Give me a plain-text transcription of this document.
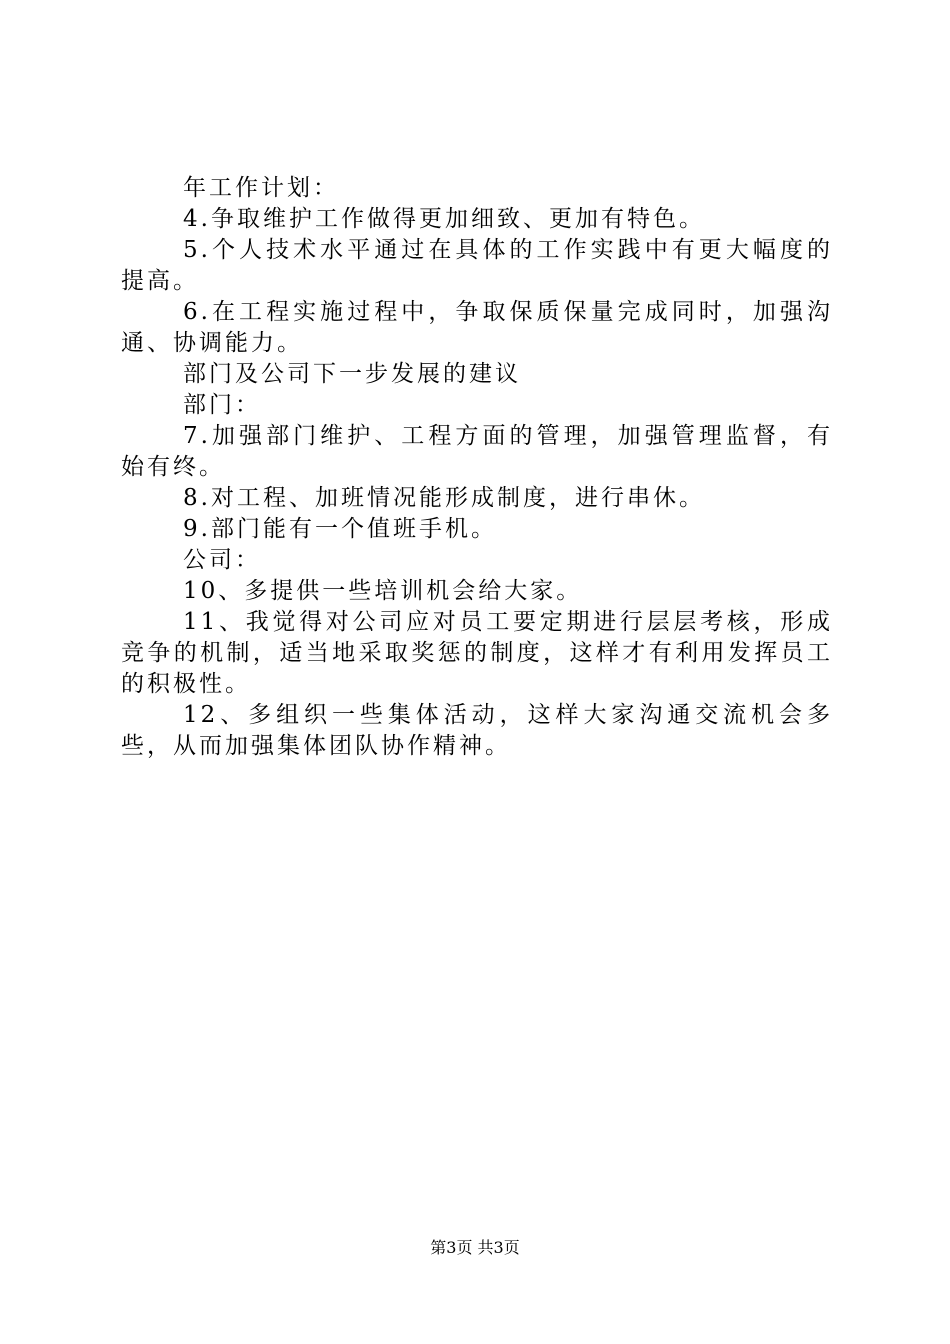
年工作计划：

4.争取维护工作做得更加细致、更加有特色。

5.个人技术水平通过在具体的工作实践中有更大幅度的提高。

6.在工程实施过程中，争取保质保量完成同时，加强沟通、协调能力。

部门及公司下一步发展的建议

部门：

7.加强部门维护、工程方面的管理，加强管理监督，有始有终。

8.对工程、加班情况能形成制度，进行串休。

9.部门能有一个值班手机。

公司：

10、多提供一些培训机会给大家。

11、我觉得对公司应对员工要定期进行层层考核，形成竞争的机制，适当地采取奖惩的制度，这样才有利用发挥员工的积极性。

12、多组织一些集体活动，这样大家沟通交流机会多些，从而加强集体团队协作精神。

第3页 共3页
